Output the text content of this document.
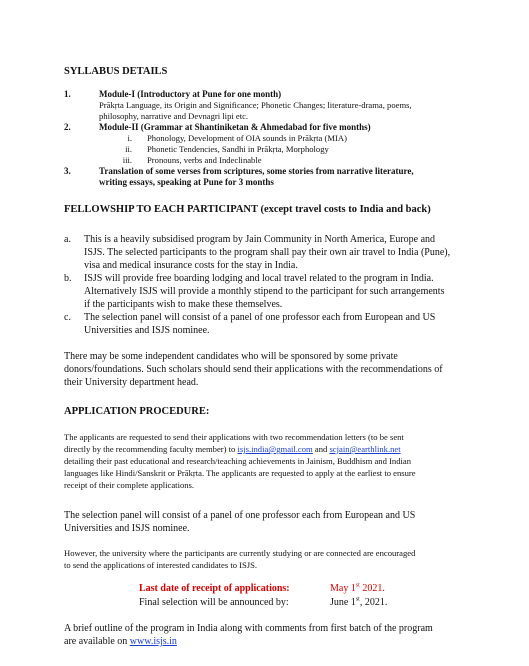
SYLLABUS DETAILS
1.	Module-I (Introductory at Pune for one month)
Prākṛta Language, its Origin and Significance; Phonetic Changes; literature-drama, poems,
philosophy, narrative and Devnagri lipi etc.
2.	Module-II (Grammar at Shantiniketan & Ahmedabad for five months)
i. Phonology, Development of OIA sounds in Prākṛta (MIA)
ii. Phonetic Tendencies, Sandhi in Prākṛta, Morphology
iii. Pronouns, verbs and Indeclinable
3.	Translation of some verses from scriptures, some stories from narrative literature,
writing essays, speaking at Pune for 3 months
FELLOWSHIP TO EACH PARTICIPANT (except travel costs to India and back)
a. This is a heavily subsidised program by Jain Community in North America, Europe and
ISJS. The selected participants to the program shall pay their own air travel to India (Pune),
visa and medical insurance costs for the stay in India.
b. ISJS will provide free boarding lodging and local travel related to the program in India.
Alternatively ISJS will provide a monthly stipend to the participant for such arrangements
if the participants wish to make these themselves.
c. The selection panel will consist of a panel of one professor each from European and US
Universities and ISJS nominee.
There may be some independent candidates who will be sponsored by some private
donors/foundations. Such scholars should send their applications with the recommendations of
their University department head.
APPLICATION PROCEDURE:
The applicants are requested to send their applications with two recommendation letters (to be sent
directly by the recommending faculty member) to isjs.india@gmail.com and scjain@earthlink.net
detailing their past educational and research/teaching achievements in Jainism, Buddhism and Indian
languages like Hindi/Sanskrit or Prākṛta. The applicants are requested to apply at the earliest to ensure
receipt of their complete applications.
The selection panel will consist of a panel of one professor each from European and US
Universities and ISJS nominee.
However, the university where the participants are currently studying or are connected are encouraged
to send the applications of interested candidates to ISJS.
Last date of receipt of applications:	May 1st 2021.
Final selection will be announced by:	June 1st, 2021.
A brief outline of the program in India along with comments from first batch of the program
are available on www.isjs.in
